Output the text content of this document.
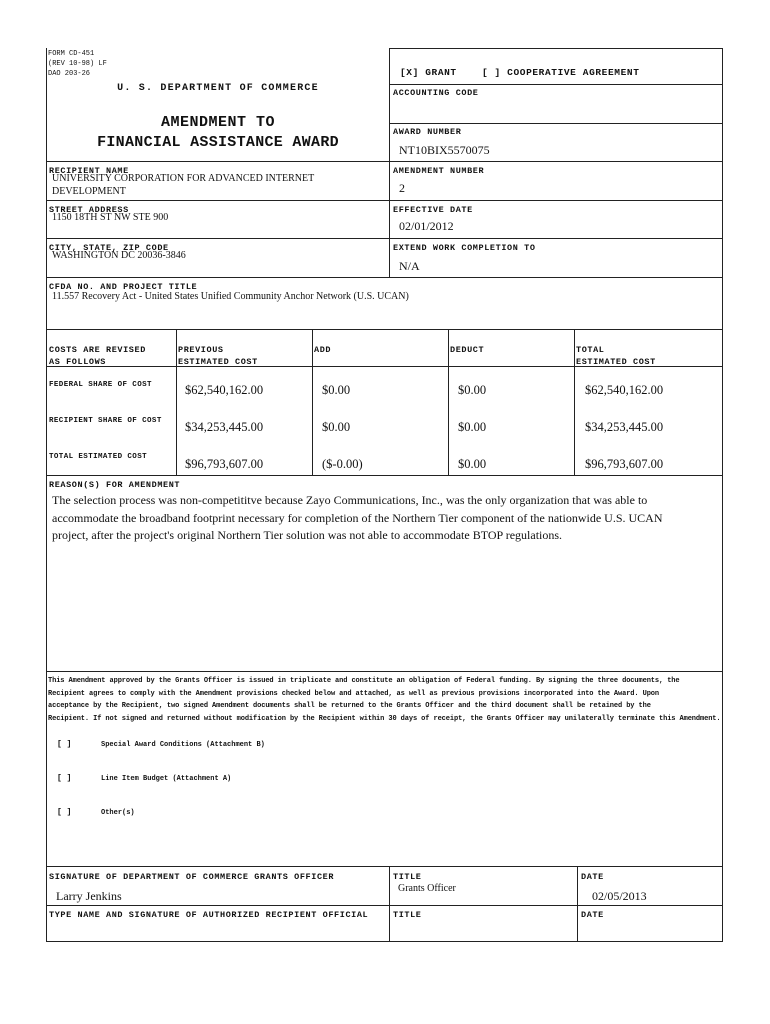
FORM CD-451
(REV 10-98) LF
DAO 203-26
U. S. DEPARTMENT OF COMMERCE
AMENDMENT TO
FINANCIAL ASSISTANCE AWARD
[X] GRANT	[ ] COOPERATIVE AGREEMENT
ACCOUNTING CODE
AWARD NUMBER
NT10BIX5570075
AMENDMENT NUMBER
2
EFFECTIVE DATE
02/01/2012
EXTEND WORK COMPLETION TO
N/A
RECIPIENT NAME
UNIVERSITY CORPORATION FOR ADVANCED INTERNET
DEVELOPMENT
STREET ADDRESS
1150 18TH ST NW STE 900
CITY, STATE, ZIP CODE
WASHINGTON DC 20036-3846
CFDA NO. AND PROJECT TITLE
11.557 Recovery Act - United States Unified Community Anchor Network (U.S. UCAN)
COSTS ARE REVISED
AS FOLLOWS
PREVIOUS
ESTIMATED COST
ADD	DEDUCT	TOTAL
ESTIMATED COST
FEDERAL SHARE OF COST	$62,540,162.00	$0.00	$0.00	$62,540,162.00
RECIPIENT SHARE OF COST $34,253,445.00	$0.00	$0.00	$34,253,445.00
TOTAL ESTIMATED COST	$96,793,607.00	($-0.00)	$0.00	$96,793,607.00
REASON(S) FOR AMENDMENT
The selection process was non-competititve because Zayo Communications, Inc., was the only organization that was able to
accommodate the broadband footprint necessary for completion of the Northern Tier component of the nationwide U.S. UCAN
project, after the project's original Northern Tier solution was not able to accommodate BTOP regulations.
This Amendment approved by the Grants Officer is issued in triplicate and constitute an obligation of Federal funding. By signing the three documents, the
Recipient agrees to comply with the Amendment provisions checked below and attached, as well as previous provisions incorporated into the Award. Upon
acceptance by the Recipient, two signed Amendment documents shall be returned to the Grants Officer and the third document shall be retained by the
Recipient. If not signed and returned without modification by the Recipient within 30 days of receipt, the Grants Officer may unilaterally terminate this Amendment.
[ ]	Special Award Conditions (Attachment B)
[ ]	Line Item Budget (Attachment A)
[ ]	Other(s)
SIGNATURE OF DEPARTMENT OF COMMERCE GRANTS OFFICER
Larry Jenkins
TITLE
Grants Officer
DATE
02/05/2013
TYPE NAME AND SIGNATURE OF AUTHORIZED RECIPIENT OFFICIAL	TITLE	DATE
